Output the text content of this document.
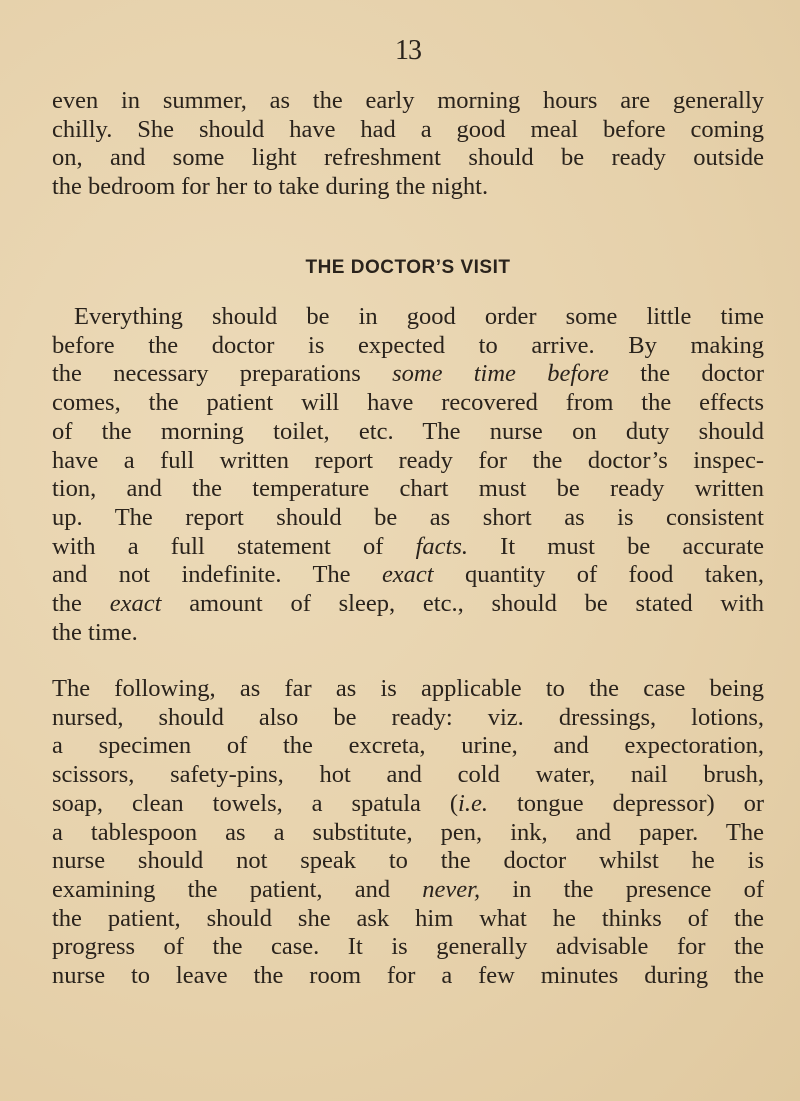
13

even in summer, as the early morning hours are generally
chilly. She should have had a good meal before coming
on, and some light refreshment should be ready outside
the bedroom for her to take during the night.

THE DOCTOR’S VISIT

Everything should be in good order some little time
before the doctor is expected to arrive. By making
the necessary preparations some time before the doctor
comes, the patient will have recovered from the effects
of the morning toilet, etc. The nurse on duty should
have a full written report ready for the doctor’s inspec-
tion, and the temperature chart must be ready written
up. The report should be as short as is consistent
with a full statement of facts. It must be accurate
and not indefinite. The exact quantity of food taken,
the exact amount of sleep, etc., should be stated with
the time.

The following, as far as is applicable to the case being
nursed, should also be ready: viz. dressings, lotions,
a specimen of the excreta, urine, and expectoration,
scissors, safety-pins, hot and cold water, nail brush,
soap, clean towels, a spatula (i.e. tongue depressor) or
a tablespoon as a substitute, pen, ink, and paper. The
nurse should not speak to the doctor whilst he is
examining the patient, and never, in the presence of
the patient, should she ask him what he thinks of the
progress of the case. It is generally advisable for the
nurse to leave the room for a few minutes during the
